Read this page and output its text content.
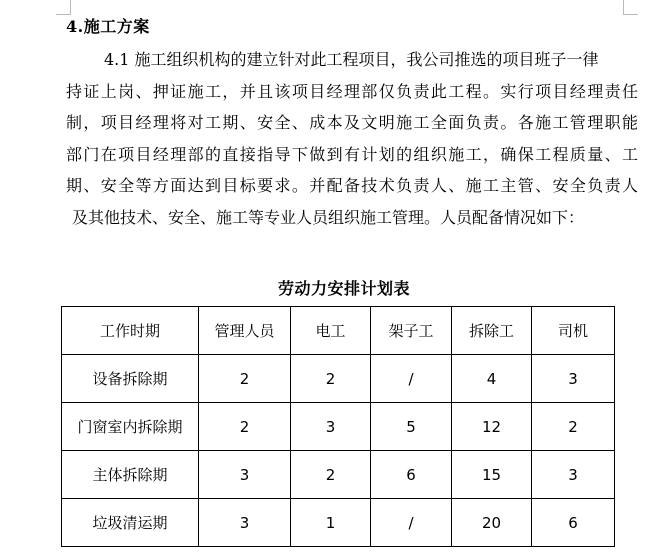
4.施工方案
4.1 施工组织机构的建立针对此工程项目，我公司推选的项目班子一律
持证上岗、押证施工，并且该项目经理部仅负责此工程。实行项目经理责任
制，项目经理将对工期、安全、成本及文明施工全面负责。各施工管理职能
部门在项目经理部的直接指导下做到有计划的组织施工，确保工程质量、工
期、安全等方面达到目标要求。并配备技术负责人、施工主管、安全负责人
及其他技术、安全、施工等专业人员组织施工管理。人员配备情况如下：
劳动力安排计划表
工作时期	管理人员	电工	架子工	拆除工	司机
设备拆除期	2	2	/	4	3
门窗室内拆除期	2	3	5	12	2
主体拆除期	3	2	6	15	3
垃圾清运期	3	1	/	20	6
